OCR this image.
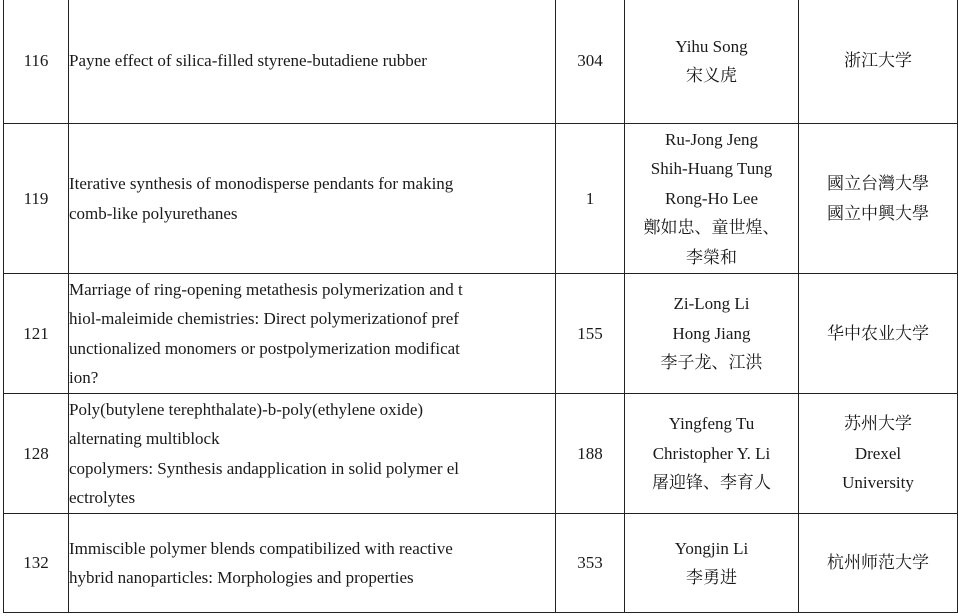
116	Payne effect of silica-filled styrene-butadiene rubber	304	Yihu Song
宋义虎	浙江大学

119	Iterative synthesis of monodisperse pendants for making
comb-like polyurethanes	1	Ru-Jong Jeng
Shih-Huang Tung
Rong-Ho Lee
鄭如忠、童世煌、
李榮和	國立台灣大學
國立中興大學

121	Marriage of ring-opening metathesis polymerization and t
hiol-maleimide chemistries: Direct polymerizationof pref
unctionalized monomers or postpolymerization modificat
ion?	155	Zi-Long Li
Hong Jiang
李子龙、江洪	华中农业大学

128	Poly(butylene terephthalate)-b-poly(ethylene oxide)
alternating multiblock
copolymers: Synthesis andapplication in solid polymer el
ectrolytes	188	Yingfeng Tu
Christopher Y. Li
屠迎锋、李育人	苏州大学
Drexel
University

132	Immiscible polymer blends compatibilized with reactive
hybrid nanoparticles: Morphologies and properties	353	Yongjin Li
李勇进	杭州师范大学
